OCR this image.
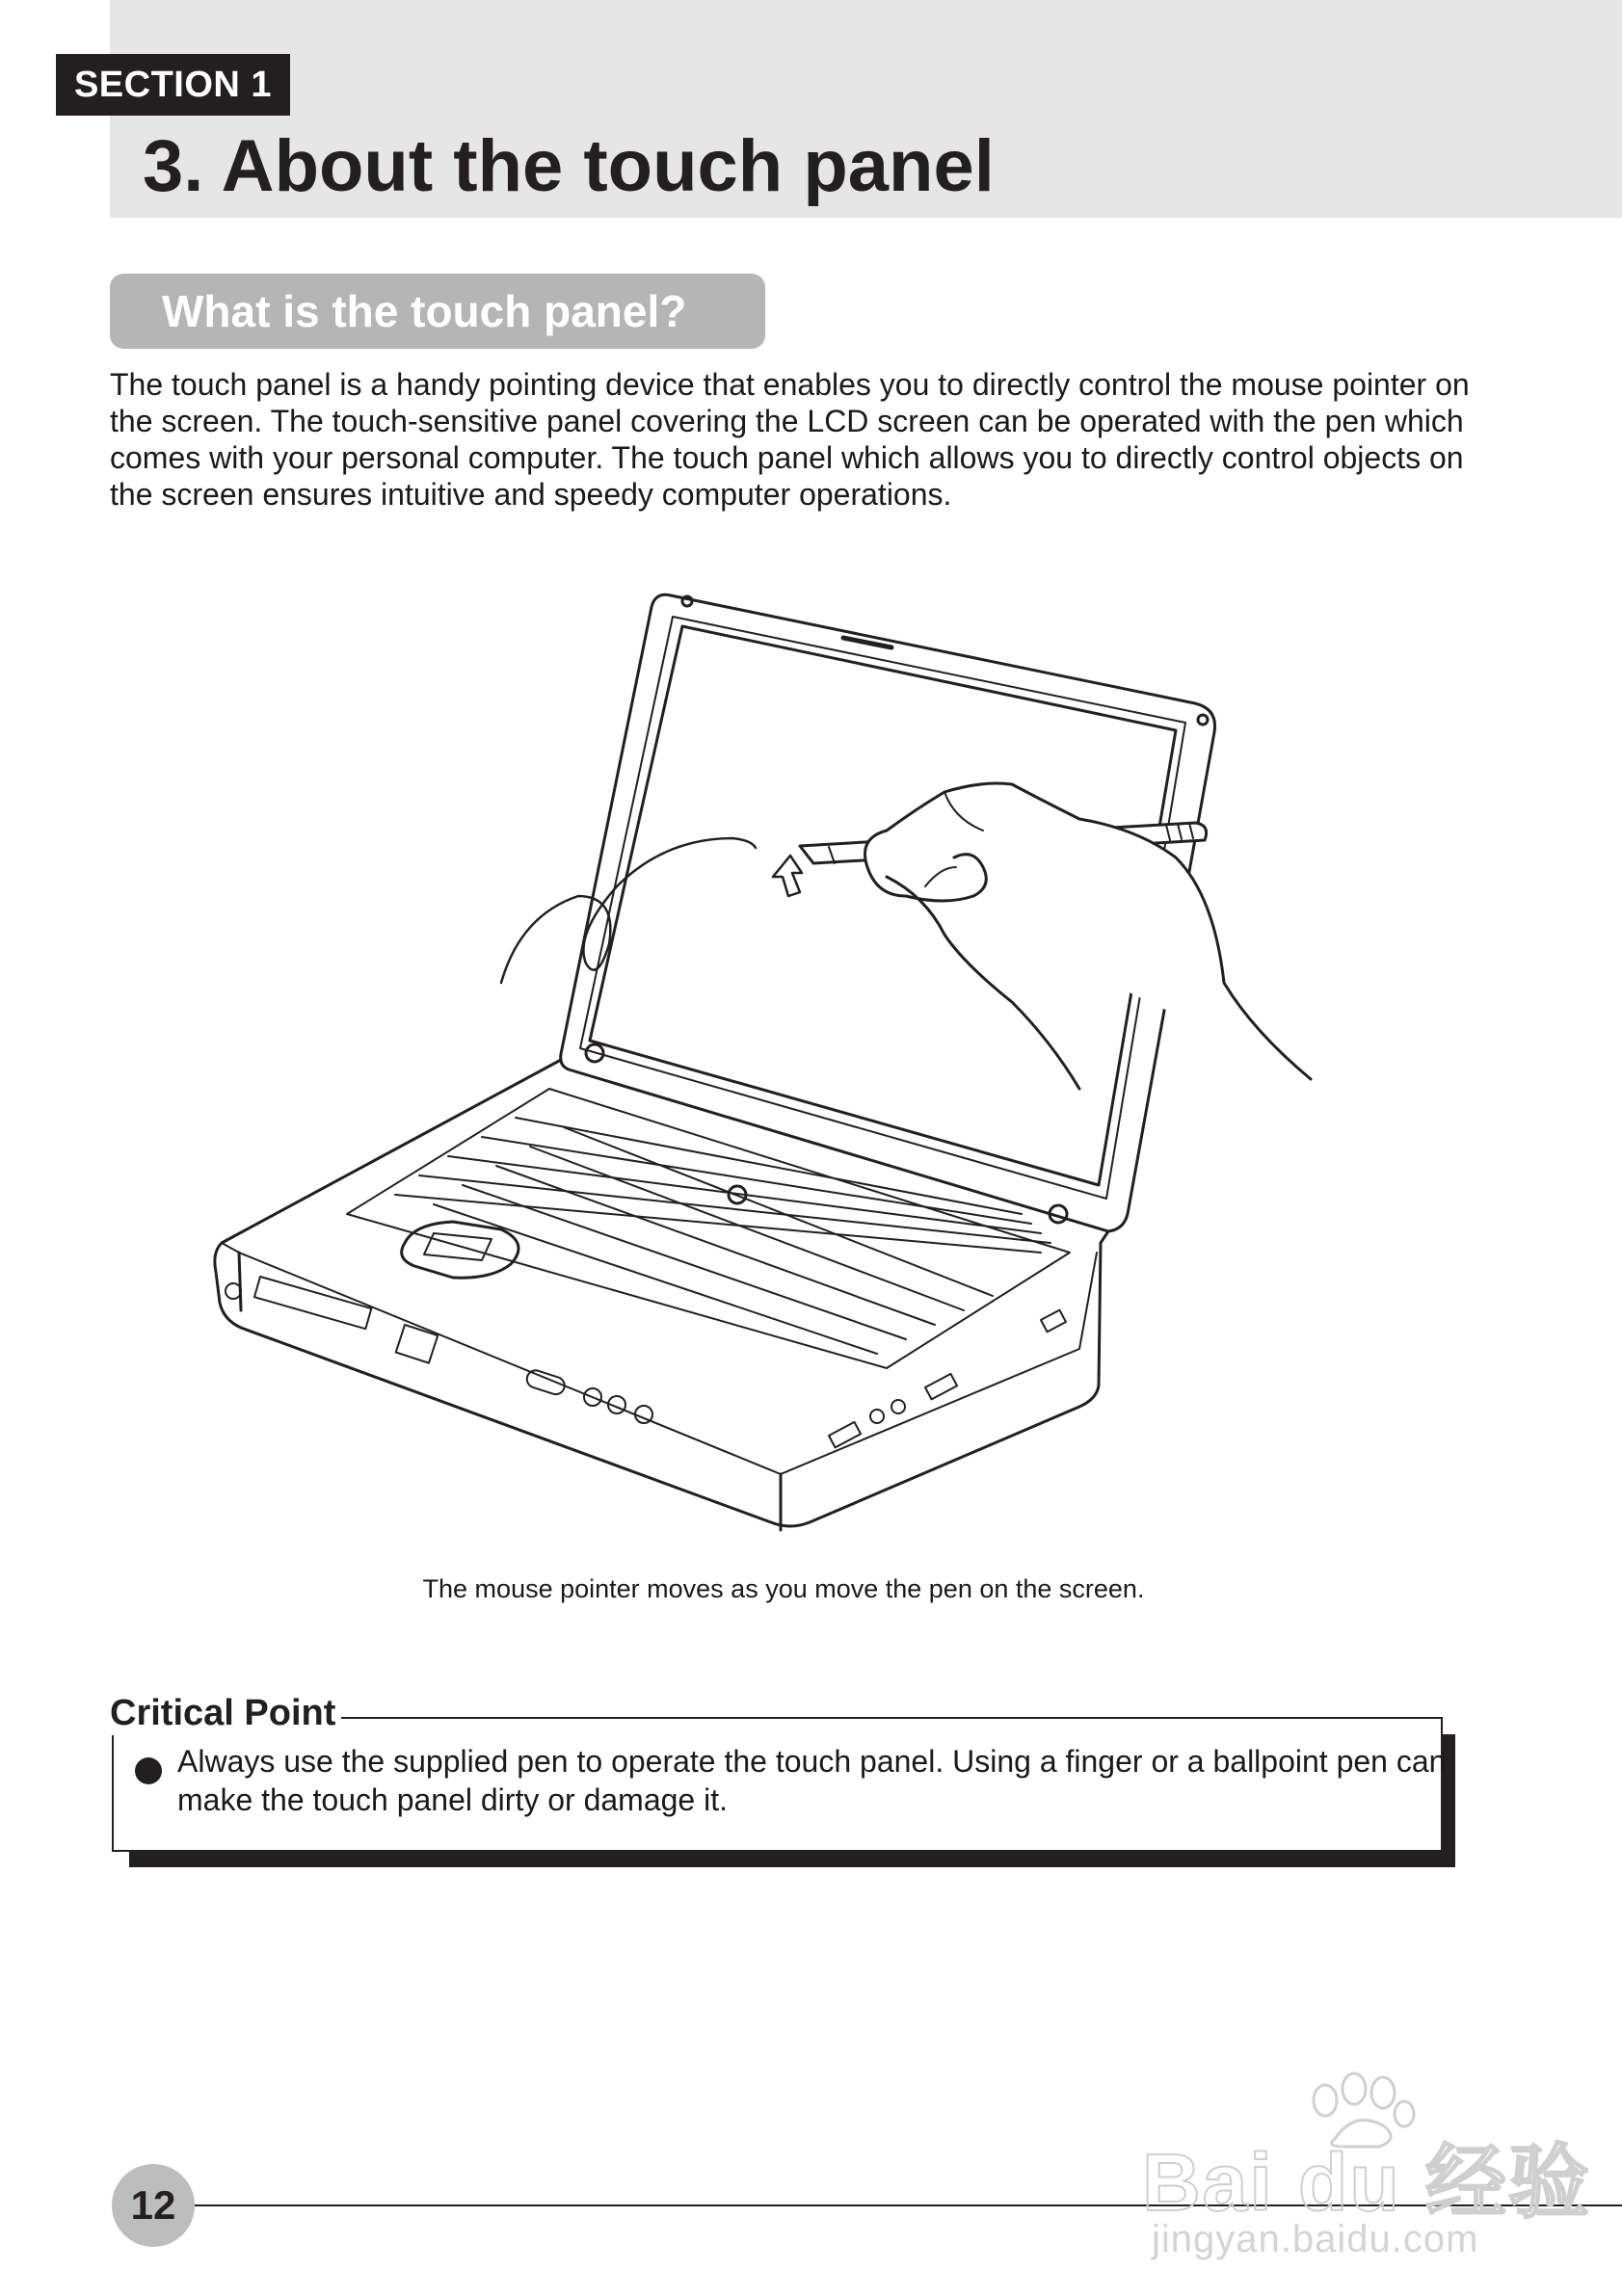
SECTION 1
3. About the touch panel
What is the touch panel?

The touch panel is a handy pointing device that enables you to directly control the mouse pointer on
the screen. The touch-sensitive panel covering the LCD screen can be operated with the pen which
comes with your personal computer. The touch panel which allows you to directly control objects on
the screen ensures intuitive and speedy computer operations.

The mouse pointer moves as you move the pen on the screen.

Always use the supplied pen to operate the touch panel. Using a finger or a ballpoint pen can
make the touch panel dirty or damage it.

Critical Point
12	Bai du 经验
jingyan.baidu.com
